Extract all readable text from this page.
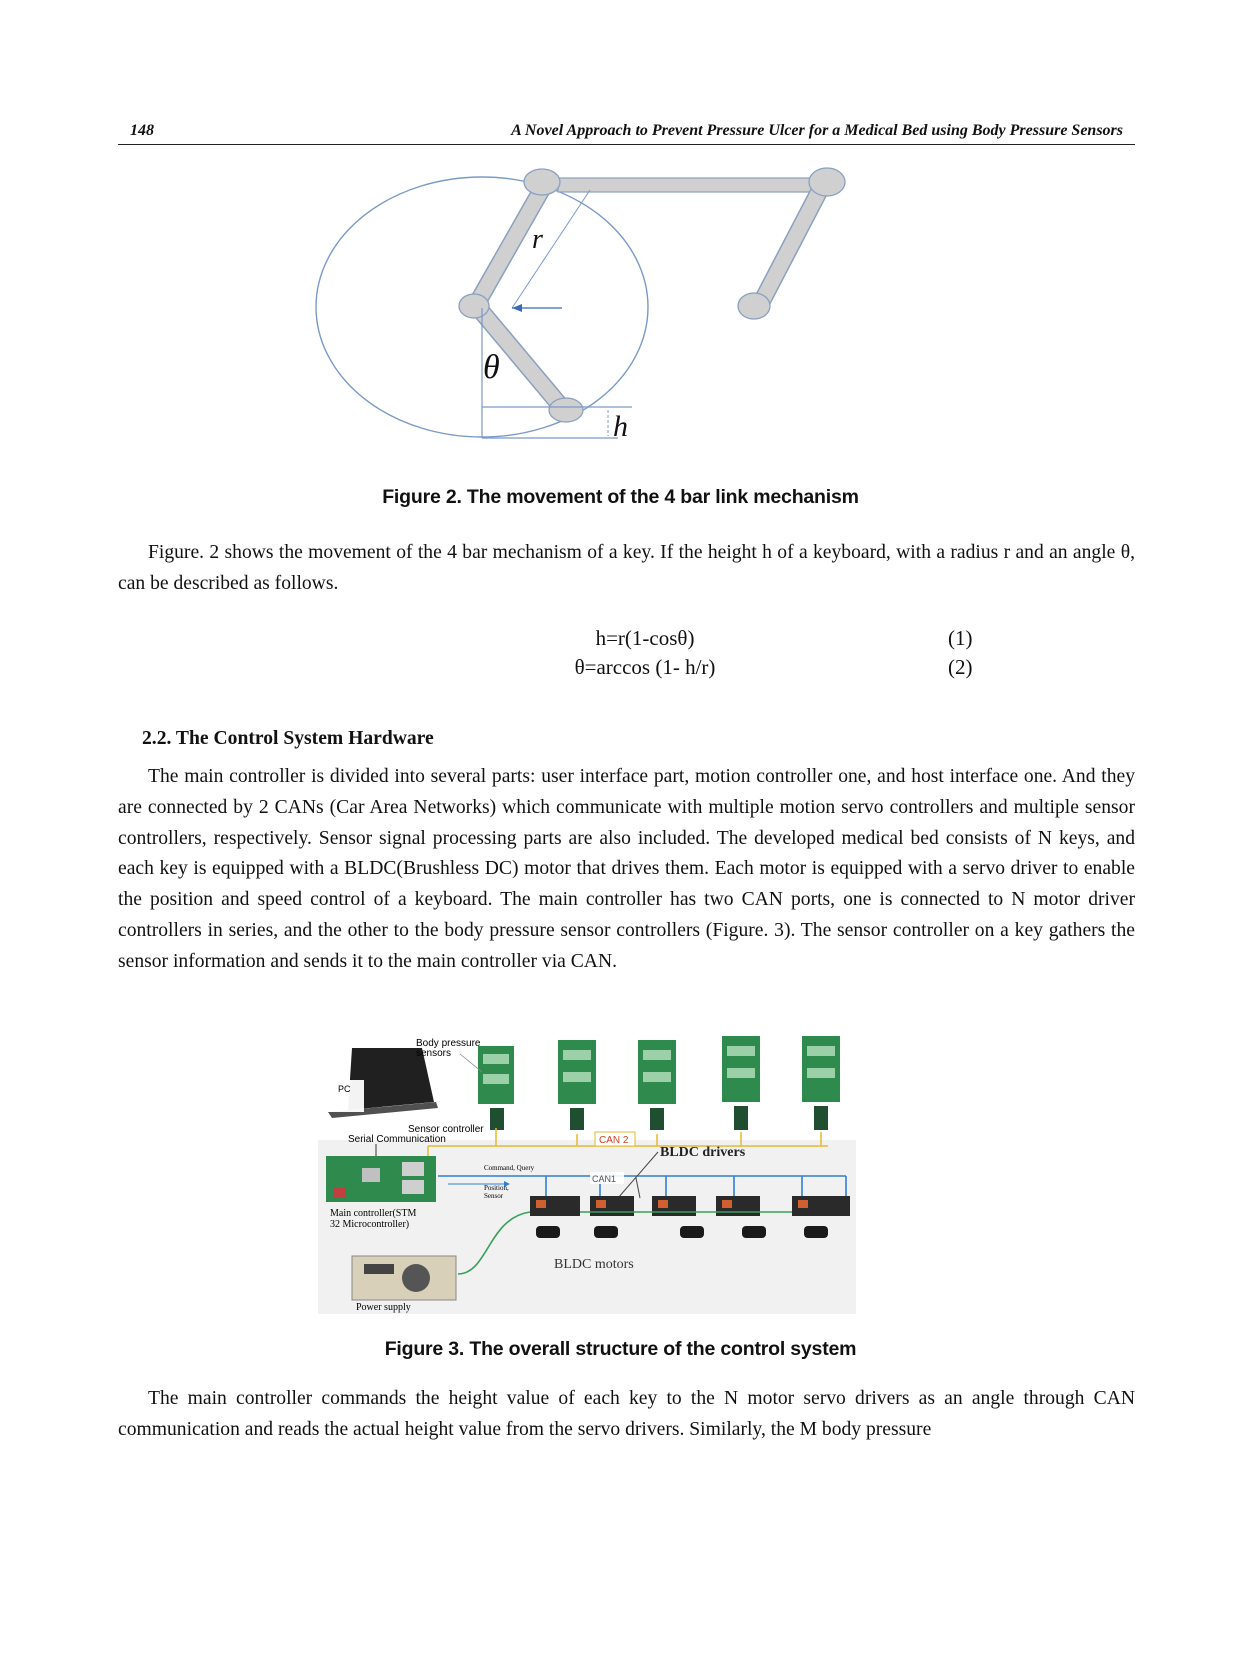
148	A Novel Approach to Prevent Pressure Ulcer for a Medical Bed using Body Pressure Sensors
r
θ
h
Figure 2. The movement of the 4 bar link mechanism

Figure. 2 shows the movement of the 4 bar mechanism of a key. If the height h of a keyboard, with a radius r and an angle θ, can be described as follows.

h=r(1-cosθ)	(1)
θ=arccos (1- h/r)	(2)
2.2. The Control System Hardware

The main controller is divided into several parts: user interface part, motion controller one, and host interface one. And they are connected by 2 CANs (Car Area Networks) which communicate with multiple motion servo controllers and multiple sensor controllers, respectively. Sensor signal processing parts are also included. The developed medical bed consists of N keys, and each key is equipped with a BLDC(Brushless DC) motor that drives them. Each motor is equipped with a servo driver to enable the position and speed control of a keyboard. The main controller has two CAN ports, one is connected to N motor driver controllers in series, and the other to the body pressure sensor controllers (Figure. 3). The sensor controller on a key gathers the sensor information and sends it to the main controller via CAN.

PC
CAN 2
Body pressure
sensors
Sensor controller
Serial Communication
Main controller(STM
32 Microcontroller)
Command, Query
Position,
Sensor
CAN1
BLDC drivers
BLDC motors
Power supply
Figure 3. The overall structure of the control system

The main controller commands the height value of each key to the N motor servo drivers as an angle through CAN communication and reads the actual height value from the servo drivers. Similarly, the M body pressure
